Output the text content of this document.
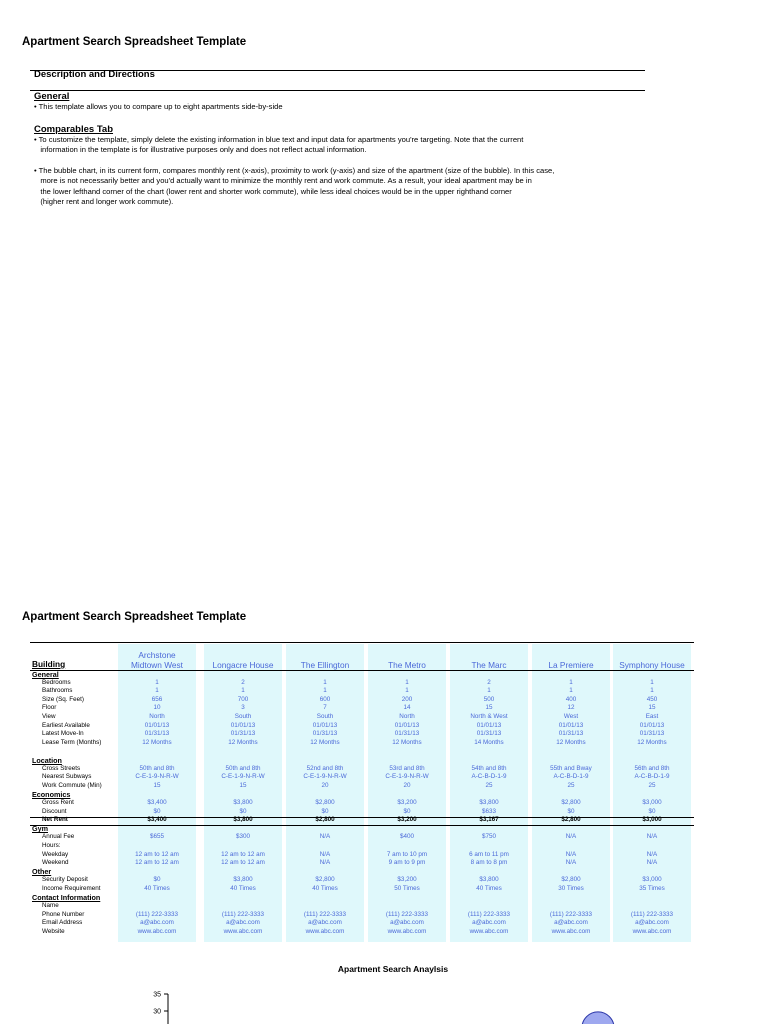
Apartment Search Spreadsheet Template
Description and Directions
General
• This template allows you to compare up to eight apartments side-by-side
Comparables Tab
• To customize the template, simply delete the existing information in blue text and input data for apartments you're targeting. Note that the current
information in the template is for illustrative purposes only and does not reflect actual information.
• The bubble chart, in its current form, compares monthly rent (x-axis), proximity to work (y-axis) and size of the apartment (size of the bubble). In this case,
more is not necessarily better and you'd actually want to minimize the monthly rent and work commute. As a result, your ideal apartment may be in
the lower lefthand corner of the chart (lower rent and shorter work commute), while less ideal choices would be in the upper righthand corner
(higher rent and longer work commute).
Apartment Search Spreadsheet Template
Building
Archstone
Midtown West	Longacre House	The Ellington	The Metro	The Marc	La Premiere	Symphony House
General
Bedrooms	1	2	1	1	2	1	1
Bathrooms	1	1	1	1	1	1	1
Size (Sq. Feet)	656	700	600	200	500	400	450
Floor	10	3	7	14	15	12	15
View	North	South	South	North	North & West	West	East
Earliest Available	01/01/13	01/01/13	01/01/13	01/01/13	01/01/13	01/01/13	01/01/13
Latest Move-In	01/31/13	01/31/13	01/31/13	01/31/13	01/31/13	01/31/13	01/31/13
Lease Term (Months)	12 Months	12 Months	12 Months	12 Months	14 Months	12 Months	12 Months
Location
Cross Streets	50th and 8th	50th and 8th	52nd and 8th	53rd and 8th	54th and 8th	55th and Bway	56th and 8th
Nearest Subways	C-E-1-9-N-R-W	C-E-1-9-N-R-W	C-E-1-9-N-R-W	C-E-1-9-N-R-W	A-C-B-D-1-9	A-C-B-D-1-9	A-C-B-D-1-9
Work Commute (Min)	15	15	20	20	25	25	25
Economics
Gross Rent	$3,400	$3,800	$2,800	$3,200	$3,800	$2,800	$3,000
Discount	$0	$0	$0	$0	$633	$0	$0
Net Rent	$3,400	$3,800	$2,800	$3,200	$3,167	$2,800	$3,000
Gym
Annual Fee	$655	$300	N/A	$400	$750	N/A	N/A
Hours:
Weekday	12 am to 12 am	12 am to 12 am	N/A	7 am to 10 pm	6 am to 11 pm	N/A	N/A
Weekend	12 am to 12 am	12 am to 12 am	N/A	9 am to 9 pm	8 am to 8 pm	N/A	N/A
Other
Security Deposit	$0	$3,800	$2,800	$3,200	$3,800	$2,800	$3,000
Income Requirement	40 Times	40 Times	40 Times	50 Times	40 Times	30 Times	35 Times
Contact Information
Name
Phone Number	(111) 222-3333	(111) 222-3333	(111) 222-3333	(111) 222-3333	(111) 222-3333	(111) 222-3333	(111) 222-3333
Email Address	a@abc.com	a@abc.com	a@abc.com	a@abc.com	a@abc.com	a@abc.com	a@abc.com
Website	www.abc.com	www.abc.com	www.abc.com	www.abc.com	www.abc.com	www.abc.com	www.abc.com
Apartment Search Anaylsis
35
30
